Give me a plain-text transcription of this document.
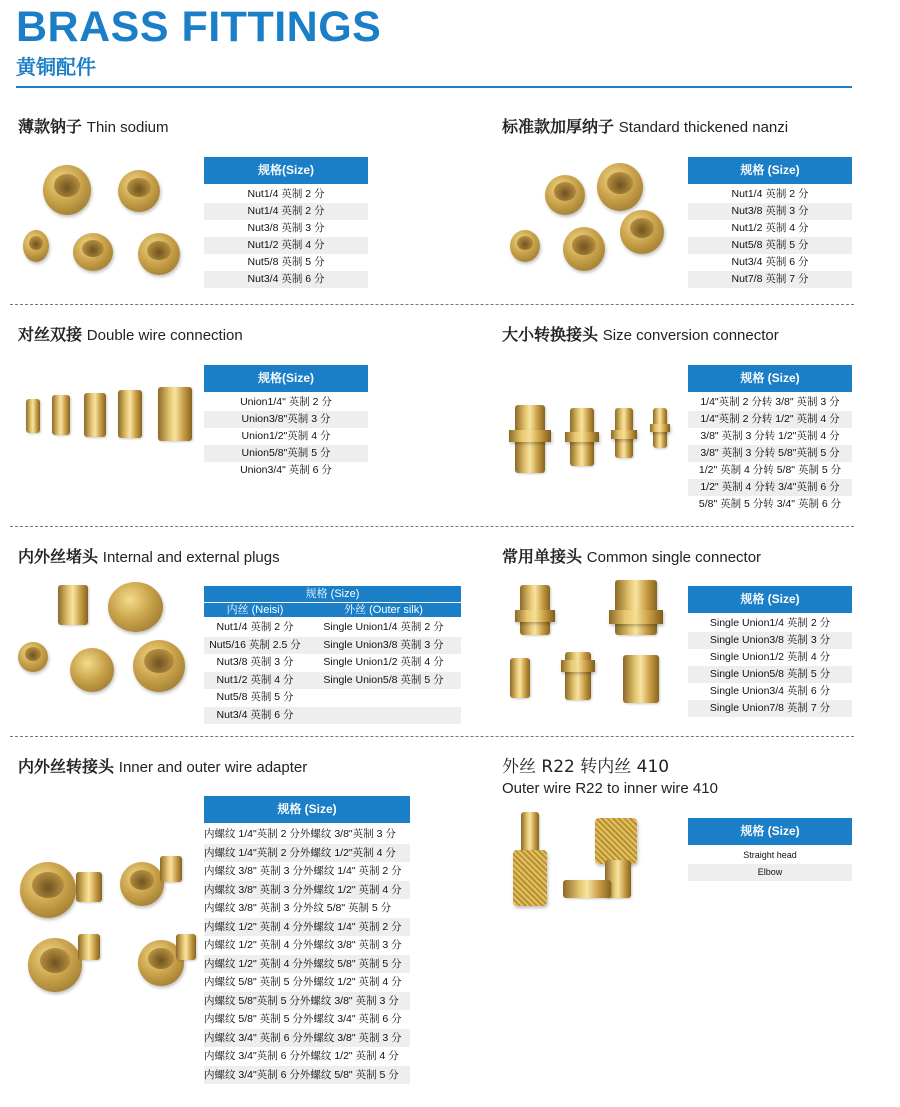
BRASS FITTINGS
黄铜配件
薄款钠子 Thin sodium
规格(Size)
Nut1/4 英制 2 分
Nut1/4 英制 2 分
Nut3/8 英制 3 分
Nut1/2 英制 4 分
Nut5/8 英制 5 分
Nut3/4 英制 6 分
标准款加厚纳子 Standard thickened nanzi
规格 (Size)
Nut1/4 英制 2 分
Nut3/8 英制 3 分
Nut1/2 英制 4 分
Nut5/8 英制 5 分
Nut3/4 英制 6 分
Nut7/8 英制 7 分
对丝双接 Double wire connection
规格(Size)
Union1/4" 英制 2 分
Union3/8"英制 3 分
Union1/2"英制 4 分
Union5/8"英制 5 分
Union3/4" 英制 6 分
大小转换接头 Size conversion connector
规格 (Size)
1/4"英制 2 分转 3/8" 英制 3 分
1/4"英制 2 分转 1/2" 英制 4 分
3/8" 英制 3 分转 1/2"英制 4 分
3/8" 英制 3 分转 5/8"英制 5 分
1/2" 英制 4 分转 5/8" 英制 5 分
1/2" 英制 4 分转 3/4"英制 6 分
5/8" 英制 5 分转 3/4" 英制 6 分
内外丝堵头 Internal and external plugs
规格 (Size)
内丝 (Neisi)	外丝 (Outer silk)
Nut1/4 英制 2 分	Single Union1/4 英制 2 分
Nut5/16 英制 2.5 分	Single Union3/8 英制 3 分
Nut3/8 英制 3 分	Single Union1/2 英制 4 分
Nut1/2 英制 4 分	Single Union5/8 英制 5 分
Nut5/8 英制 5 分
Nut3/4 英制 6 分
常用单接头 Common single connector
规格 (Size)
Single Union1/4 英制 2 分
Single Union3/8 英制 3 分
Single Union1/2 英制 4 分
Single Union5/8 英制 5 分
Single Union3/4 英制 6 分
Single Union7/8 英制 7 分
内外丝转接头 Inner and outer wire adapter
规格 (Size)
内螺纹 1/4"英制 2 分外螺纹 3/8"英制 3 分
内螺纹 1/4"英制 2 分外螺纹 1/2"英制 4 分
内螺纹 3/8" 英制 3 分外螺纹 1/4" 英制 2 分
内螺纹 3/8" 英制 3 分外螺纹 1/2" 英制 4 分
内螺纹 3/8" 英制 3 分外纹 5/8" 英制 5 分
内螺纹 1/2" 英制 4 分外螺纹 1/4" 英制 2 分
内螺纹 1/2" 英制 4 分外螺纹 3/8" 英制 3 分
内螺纹 1/2" 英制 4 分外螺纹 5/8" 英制 5 分
内螺纹 5/8" 英制 5 分外螺纹 1/2" 英制 4 分
内螺纹 5/8"英制 5 分外螺纹 3/8" 英制 3 分
内螺纹 5/8" 英制 5 分外螺纹 3/4" 英制 6 分
内螺纹 3/4" 英制 6 分外螺纹 3/8" 英制 3 分
内螺纹 3/4"英制 6 分外螺纹 1/2" 英制 4 分
内螺纹 3/4"英制 6 分外螺纹 5/8" 英制 5 分
外丝 R22 转内丝 410
Outer wire R22 to inner wire 410
规格 (Size)
Straight head
Elbow
